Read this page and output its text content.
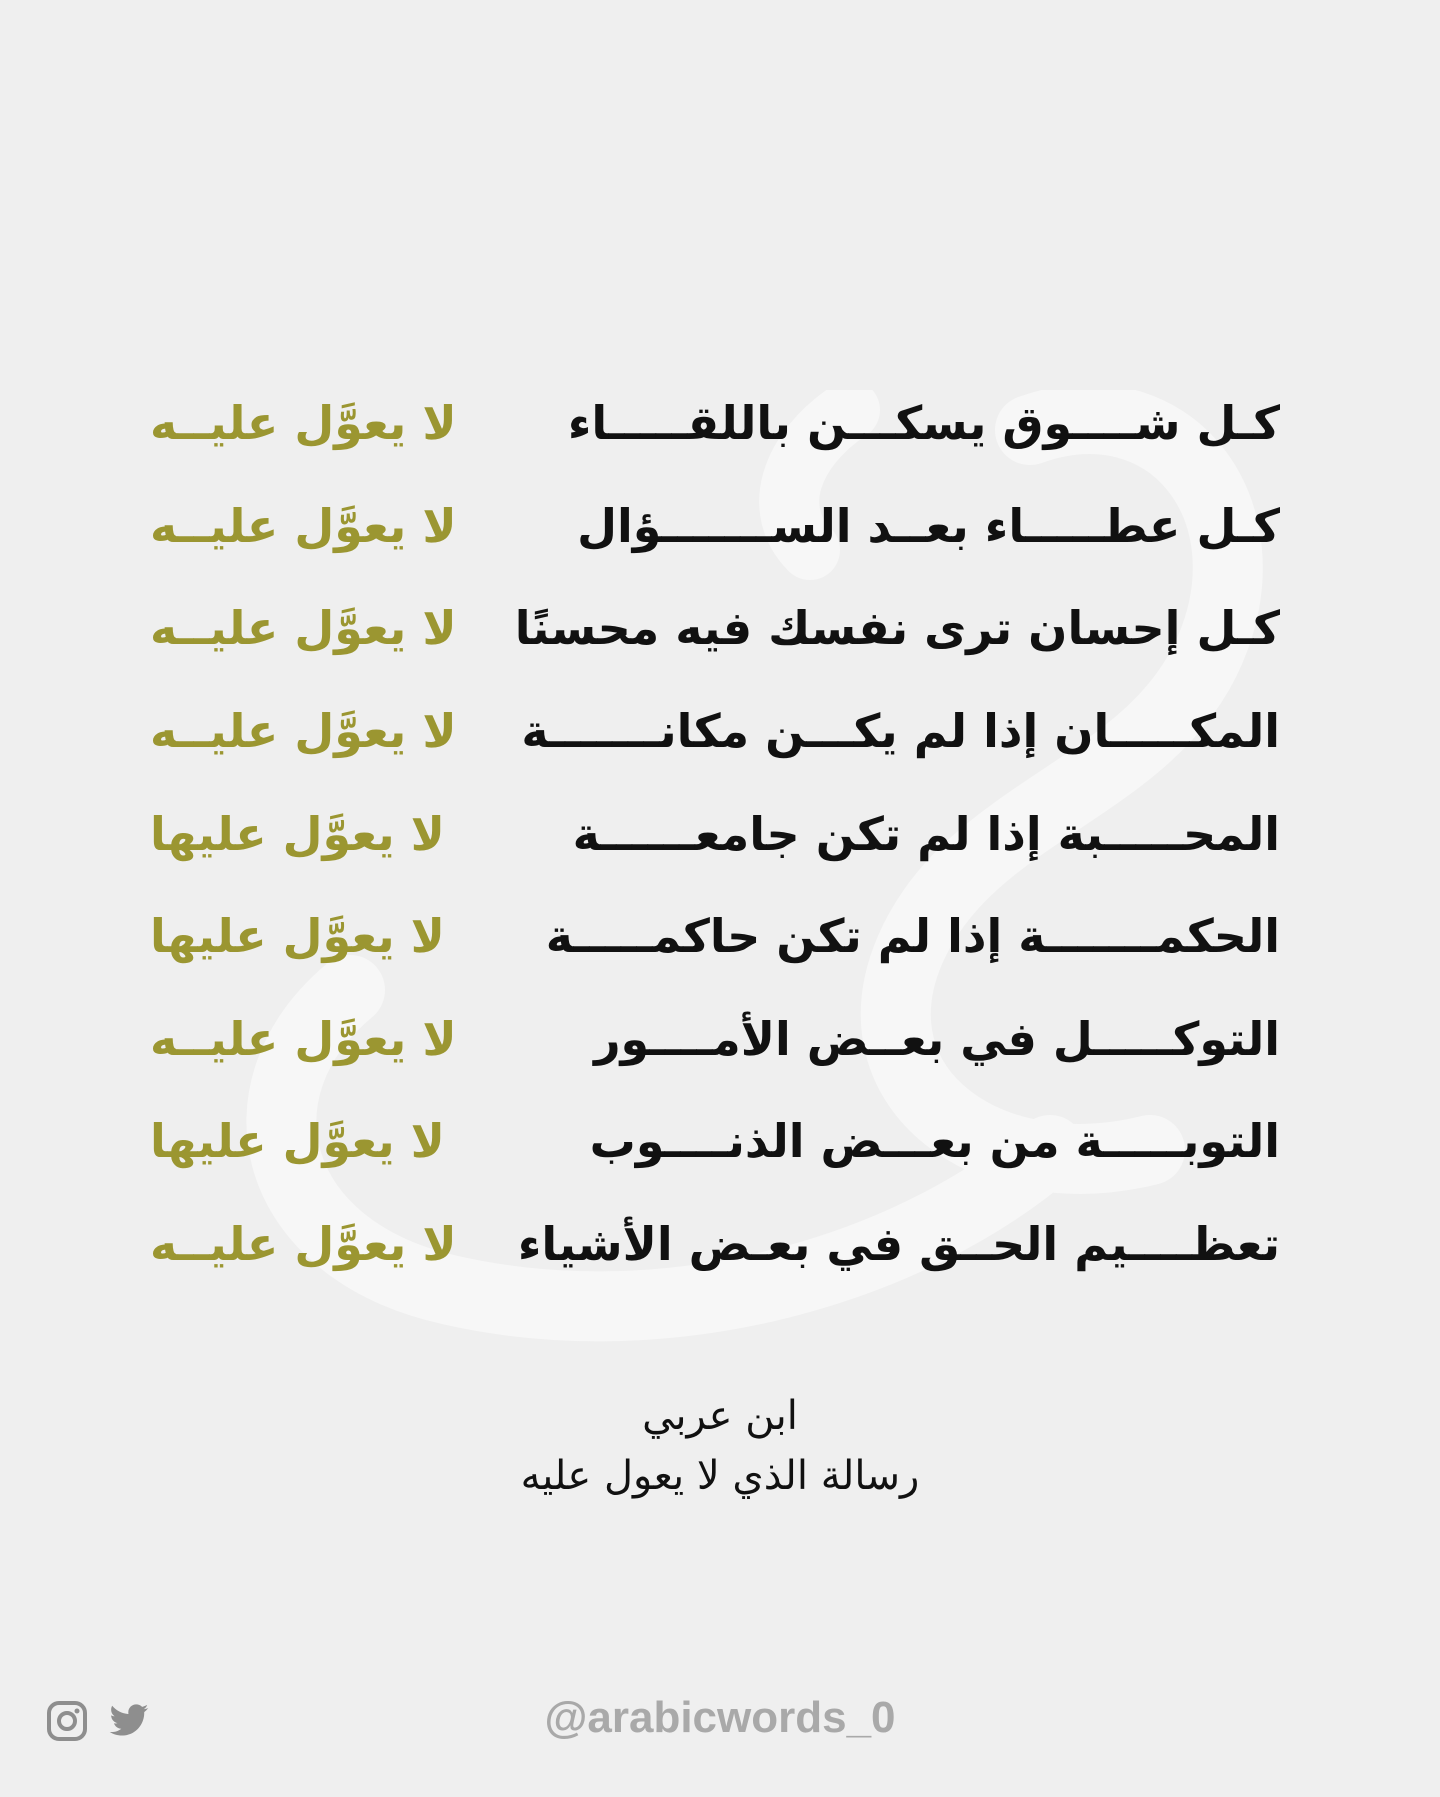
كـل شــــوق يسكـــن باللقـــــاء
لا يعوَّل عليــه
كـل عطـــــاء بعــد الســـــــؤال
لا يعوَّل عليــه
كـل إحسان ترى نفسك فيه محسنًا
لا يعوَّل عليــه
المكـــــان إذا لم يكـــن مكانـــــــة
لا يعوَّل عليــه
المحـــــبة إذا لم تكن جامعــــــة
لا يعوَّل عليها
الحكمـــــــة إذا لم تكن حاكمـــــة
لا يعوَّل عليها
التوكـــــل في بعــض الأمــــور
لا يعوَّل عليــه
التوبـــــة من بعـــض الذنــــوب
لا يعوَّل عليها
تعظــــيم الحــق في بعـض الأشياء
لا يعوَّل عليــه
ابن عربي
رسالة الذي لا يعول عليه
@arabicwords_0
